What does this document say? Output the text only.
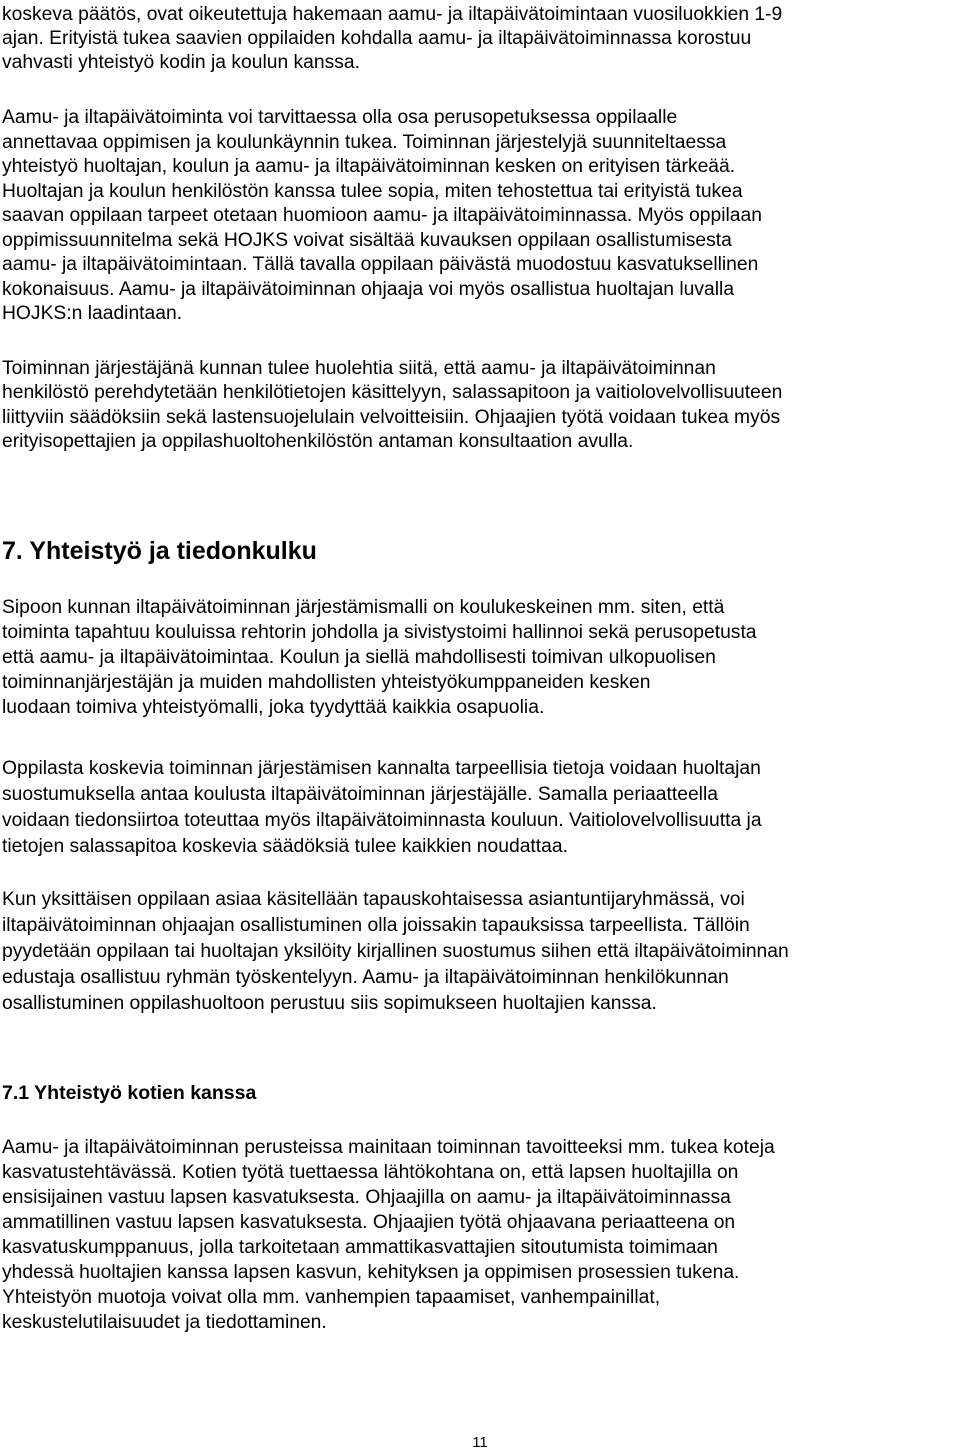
koskeva päätös, ovat oikeutettuja hakemaan aamu- ja iltapäivätoimintaan vuosiluokkien 1-9

ajan. Erityistä tukea saavien oppilaiden kohdalla aamu- ja iltapäivätoiminnassa korostuu

vahvasti yhteistyö kodin ja koulun kanssa.

Aamu- ja iltapäivätoiminta voi tarvittaessa olla osa perusopetuksessa oppilaalle

annettavaa oppimisen ja koulunkäynnin tukea. Toiminnan järjestelyjä suunniteltaessa

yhteistyö huoltajan, koulun ja aamu- ja iltapäivätoiminnan kesken on erityisen tärkeää.

Huoltajan ja koulun henkilöstön kanssa tulee sopia, miten tehostettua tai erityistä tukea

saavan oppilaan tarpeet otetaan huomioon aamu- ja iltapäivätoiminnassa. Myös oppilaan

oppimissuunnitelma sekä HOJKS voivat sisältää kuvauksen oppilaan osallistumisesta

aamu- ja iltapäivätoimintaan. Tällä tavalla oppilaan päivästä muodostuu kasvatuksellinen

kokonaisuus. Aamu- ja iltapäivätoiminnan ohjaaja voi myös osallistua huoltajan luvalla

HOJKS:n laadintaan.

Toiminnan järjestäjänä kunnan tulee huolehtia siitä, että aamu- ja iltapäivätoiminnan

henkilöstö perehdytetään henkilötietojen käsittelyyn, salassapitoon ja vaitiolovelvollisuuteen

liittyviin säädöksiin sekä lastensuojelulain velvoitteisiin. Ohjaajien työtä voidaan tukea myös

erityisopettajien ja oppilashuoltohenkilöstön antaman konsultaation avulla.

7. Yhteistyö ja tiedonkulku

Sipoon kunnan iltapäivätoiminnan järjestämismalli on koulukeskeinen mm. siten, että

toiminta tapahtuu kouluissa rehtorin johdolla ja sivistystoimi hallinnoi sekä perusopetusta

että aamu- ja iltapäivätoimintaa. Koulun ja siellä mahdollisesti toimivan ulkopuolisen

toiminnanjärjestäjän ja muiden mahdollisten yhteistyökumppaneiden kesken

luodaan toimiva yhteistyömalli, joka tyydyttää kaikkia osapuolia.

Oppilasta koskevia toiminnan järjestämisen kannalta tarpeellisia tietoja voidaan huoltajan

suostumuksella antaa koulusta iltapäivätoiminnan järjestäjälle. Samalla periaatteella

voidaan tiedonsiirtoa toteuttaa myös iltapäivätoiminnasta kouluun. Vaitiolovelvollisuutta ja

tietojen salassapitoa koskevia säädöksiä tulee kaikkien noudattaa.

Kun yksittäisen oppilaan asiaa käsitellään tapauskohtaisessa asiantuntijaryhmässä, voi

iltapäivätoiminnan ohjaajan osallistuminen olla joissakin tapauksissa tarpeellista. Tällöin

pyydetään oppilaan tai huoltajan yksilöity kirjallinen suostumus siihen että iltapäivätoiminnan

edustaja osallistuu ryhmän työskentelyyn. Aamu- ja iltapäivätoiminnan henkilökunnan

osallistuminen oppilashuoltoon perustuu siis sopimukseen huoltajien kanssa.

7.1 Yhteistyö kotien kanssa

Aamu- ja iltapäivätoiminnan perusteissa mainitaan toiminnan tavoitteeksi mm. tukea koteja

kasvatustehtävässä. Kotien työtä tuettaessa lähtökohtana on, että lapsen huoltajilla on

ensisijainen vastuu lapsen kasvatuksesta. Ohjaajilla on aamu- ja iltapäivätoiminnassa

ammatillinen vastuu lapsen kasvatuksesta. Ohjaajien työtä ohjaavana periaatteena on

kasvatuskumppanuus, jolla tarkoitetaan ammattikasvattajien sitoutumista toimimaan

yhdessä huoltajien kanssa lapsen kasvun, kehityksen ja oppimisen prosessien tukena.

Yhteistyön muotoja voivat olla mm. vanhempien tapaamiset, vanhempainillat,

keskustelutilaisuudet ja tiedottaminen.

11
